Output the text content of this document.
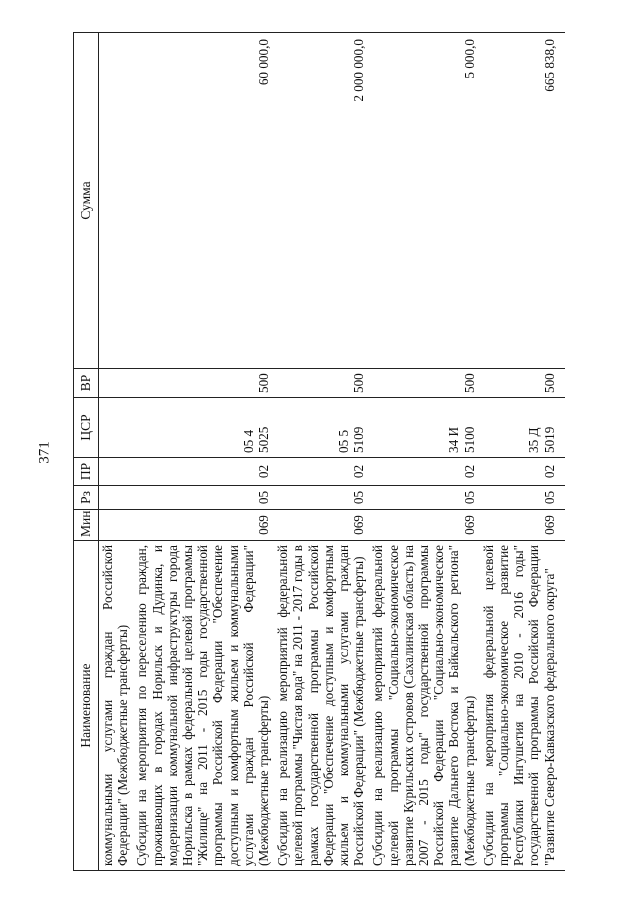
371
Наименование	Мин	Рз	ПР	ЦСР	ВР	Сумма
коммунальными услугами граждан Российской Федерации" (Межбюджетные трансферты)						
Субсидии на мероприятия по переселению граждан, проживающих в городах Норильск и Дудинка, и модернизации коммунальной инфраструктуры города Норильска в рамках федеральной целевой программы "Жилище" на 2011 - 2015 годы государственной программы Российской Федерации "Обеспечение доступным и комфортным жильем и коммунальными услугами граждан Российской Федерации" (Межбюджетные трансферты)	069	05	02	05 4 5025	500	60 000,0
Субсидии на реализацию мероприятий федеральной целевой программы "Чистая вода" на 2011 - 2017 годы в рамках государственной программы Российской Федерации "Обеспечение доступным и комфортным жильем и коммунальными услугами граждан Российской Федерации" (Межбюджетные трансферты)	069	05	02	05 5 5109	500	2 000 000,0
Субсидии на реализацию мероприятий федеральной целевой программы "Социально-экономическое развитие Курильских островов (Сахалинская область) на 2007 - 2015 годы" государственной программы Российской Федерации "Социально-экономическое развитие Дальнего Востока и Байкальского региона" (Межбюджетные трансферты)	069	05	02	34 И 5100	500	5 000,0
Субсидии на мероприятия федеральной целевой программы "Социально-экономическое развитие Республики Ингушетия на 2010 - 2016 годы" государственной программы Российской Федерации "Развитие Северо-Кавказского федерального округа"	069	05	02	35 Д 5019	500	665 838,0
